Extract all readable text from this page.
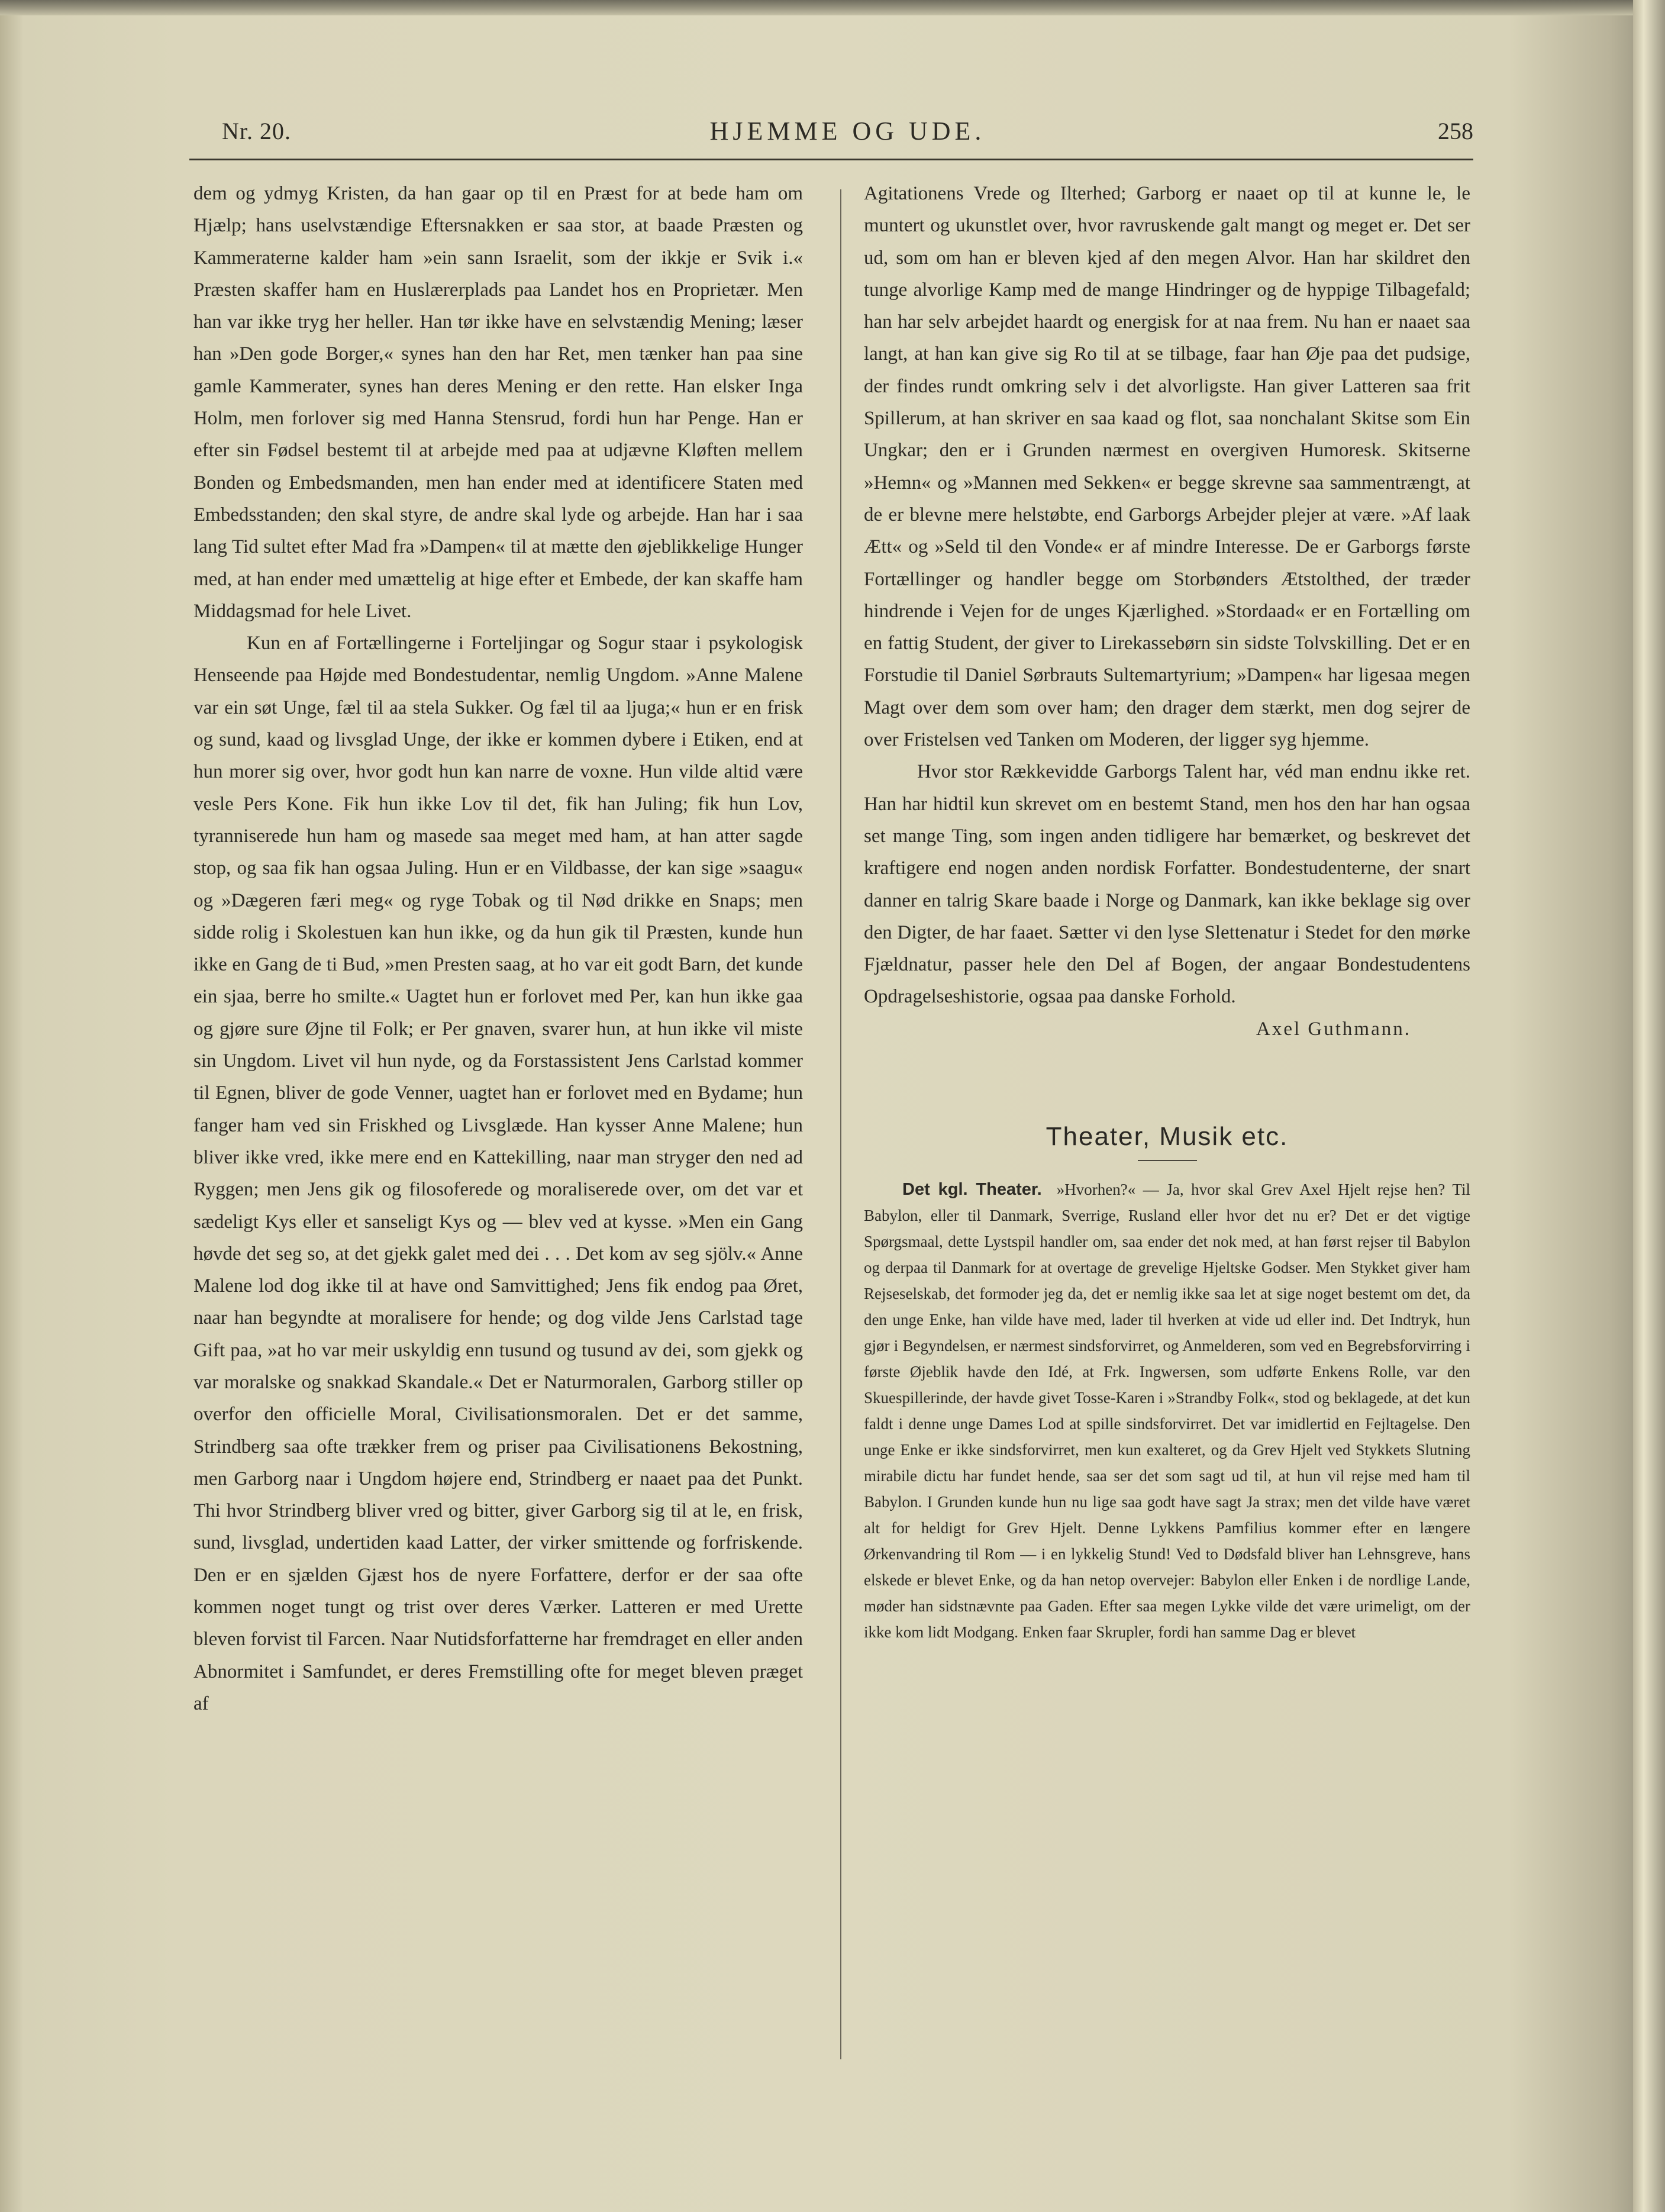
Nr. 20.	HJEMME OG UDE.	258

dem og ydmyg Kristen, da han gaar op til en Præst for at bede ham om Hjælp; hans uselvstændige Eftersnakken er saa stor, at baade Præsten og Kammeraterne kalder ham »ein sann Israelit, som der ikkje er Svik i.« Præsten skaffer ham en Huslærerplads paa Landet hos en Proprietær. Men han var ikke tryg her heller. Han tør ikke have en selvstændig Mening; læser han »Den gode Borger,« synes han den har Ret, men tænker han paa sine gamle Kammerater, synes han deres Mening er den rette. Han elsker Inga Holm, men forlover sig med Hanna Stensrud, fordi hun har Penge. Han er efter sin Fødsel bestemt til at arbejde med paa at udjævne Kløften mellem Bonden og Embedsmanden, men han ender med at identificere Staten med Embedsstanden; den skal styre, de andre skal lyde og arbejde. Han har i saa lang Tid sultet efter Mad fra »Dampen« til at mætte den øjeblikkelige Hunger med, at han ender med umættelig at hige efter et Embede, der kan skaffe ham Middagsmad for hele Livet.

Kun en af Fortællingerne i Forteljingar og Sogur staar i psykologisk Henseende paa Højde med Bondestudentar, nemlig Ungdom. »Anne Malene var ein søt Unge, fæl til aa stela Sukker. Og fæl til aa ljuga;« hun er en frisk og sund, kaad og livsglad Unge, der ikke er kommen dybere i Etiken, end at hun morer sig over, hvor godt hun kan narre de voxne. Hun vilde altid være vesle Pers Kone. Fik hun ikke Lov til det, fik han Juling; fik hun Lov, tyranniserede hun ham og masede saa meget med ham, at han atter sagde stop, og saa fik han ogsaa Juling. Hun er en Vildbasse, der kan sige »saagu« og »Dægeren færi meg« og ryge Tobak og til Nød drikke en Snaps; men sidde rolig i Skolestuen kan hun ikke, og da hun gik til Præsten, kunde hun ikke en Gang de ti Bud, »men Presten saag, at ho var eit godt Barn, det kunde ein sjaa, berre ho smilte.« Uagtet hun er forlovet med Per, kan hun ikke gaa og gjøre sure Øjne til Folk; er Per gnaven, svarer hun, at hun ikke vil miste sin Ungdom. Livet vil hun nyde, og da Forstassistent Jens Carlstad kommer til Egnen, bliver de gode Venner, uagtet han er forlovet med en Bydame; hun fanger ham ved sin Friskhed og Livsglæde. Han kysser Anne Malene; hun bliver ikke vred, ikke mere end en Kattekilling, naar man stryger den ned ad Ryggen; men Jens gik og filosoferede og moraliserede over, om det var et sædeligt Kys eller et sanseligt Kys og — blev ved at kysse. »Men ein Gang høvde det seg so, at det gjekk galet med dei . . . Det kom av seg sjölv.« Anne Malene lod dog ikke til at have ond Samvittighed; Jens fik endog paa Øret, naar han begyndte at moralisere for hende; og dog vilde Jens Carlstad tage Gift paa, »at ho var meir uskyldig enn tusund og tusund av dei, som gjekk og var moralske og snakkad Skandale.« Det er Naturmoralen, Garborg stiller op overfor den officielle Moral, Civilisationsmoralen. Det er det samme, Strindberg saa ofte trækker frem og priser paa Civilisationens Bekostning, men Garborg naar i Ungdom højere end, Strindberg er naaet paa det Punkt. Thi hvor Strindberg bliver vred og bitter, giver Garborg sig til at le, en frisk, sund, livsglad, undertiden kaad Latter, der virker smittende og forfriskende. Den er en sjælden Gjæst hos de nyere Forfattere, derfor er der saa ofte kommen noget tungt og trist over deres Værker. Latteren er med Urette bleven forvist til Farcen. Naar Nutidsforfatterne har fremdraget en eller anden Abnormitet i Samfundet, er deres Fremstilling ofte for meget bleven præget af

Agitationens Vrede og Ilterhed; Garborg er naaet op til at kunne le, le muntert og ukunstlet over, hvor ravruskende galt mangt og meget er. Det ser ud, som om han er bleven kjed af den megen Alvor. Han har skildret den tunge alvorlige Kamp med de mange Hindringer og de hyppige Tilbagefald; han har selv arbejdet haardt og energisk for at naa frem. Nu han er naaet saa langt, at han kan give sig Ro til at se tilbage, faar han Øje paa det pudsige, der findes rundt omkring selv i det alvorligste. Han giver Latteren saa frit Spillerum, at han skriver en saa kaad og flot, saa nonchalant Skitse som Ein Ungkar; den er i Grunden nærmest en overgiven Humoresk. Skitserne »Hemn« og »Mannen med Sekken« er begge skrevne saa sammentrængt, at de er blevne mere helstøbte, end Garborgs Arbejder plejer at være. »Af laak Ætt« og »Seld til den Vonde« er af mindre Interesse. De er Garborgs første Fortællinger og handler begge om Storbønders Ætstolthed, der træder hindrende i Vejen for de unges Kjærlighed. »Stordaad« er en Fortælling om en fattig Student, der giver to Lirekassebørn sin sidste Tolvskilling. Det er en Forstudie til Daniel Sørbrauts Sultemartyrium; »Dampen« har ligesaa megen Magt over dem som over ham; den drager dem stærkt, men dog sejrer de over Fristelsen ved Tanken om Moderen, der ligger syg hjemme.

Hvor stor Rækkevidde Garborgs Talent har, véd man endnu ikke ret. Han har hidtil kun skrevet om en bestemt Stand, men hos den har han ogsaa set mange Ting, som ingen anden tidligere har bemærket, og beskrevet det kraftigere end nogen anden nordisk Forfatter. Bondestudenterne, der snart danner en talrig Skare baade i Norge og Danmark, kan ikke beklage sig over den Digter, de har faaet. Sætter vi den lyse Slettenatur i Stedet for den mørke Fjældnatur, passer hele den Del af Bogen, der angaar Bondestudentens Opdragelseshistorie, ogsaa paa danske Forhold.

Axel Guthmann.
Theater, Musik etc.

Det kgl. Theater. »Hvorhen?« — Ja, hvor skal Grev Axel Hjelt rejse hen? Til Babylon, eller til Danmark, Sverrige, Rusland eller hvor det nu er? Det er det vigtige Spørgsmaal, dette Lystspil handler om, saa ender det nok med, at han først rejser til Babylon og derpaa til Danmark for at overtage de grevelige Hjeltske Godser. Men Stykket giver ham Rejseselskab, det formoder jeg da, det er nemlig ikke saa let at sige noget bestemt om det, da den unge Enke, han vilde have med, lader til hverken at vide ud eller ind. Det Indtryk, hun gjør i Begyndelsen, er nærmest sindsforvirret, og Anmelderen, som ved en Begrebsforvirring i første Øjeblik havde den Idé, at Frk. Ingwersen, som udførte Enkens Rolle, var den Skuespillerinde, der havde givet Tosse-Karen i »Strandby Folk«, stod og beklagede, at det kun faldt i denne unge Dames Lod at spille sindsforvirret. Det var imidlertid en Fejltagelse. Den unge Enke er ikke sindsforvirret, men kun exalteret, og da Grev Hjelt ved Stykkets Slutning mirabile dictu har fundet hende, saa ser det som sagt ud til, at hun vil rejse med ham til Babylon. I Grunden kunde hun nu lige saa godt have sagt Ja strax; men det vilde have været alt for heldigt for Grev Hjelt. Denne Lykkens Pamfilius kommer efter en længere Ørkenvandring til Rom — i en lykkelig Stund! Ved to Dødsfald bliver han Lehnsgreve, hans elskede er blevet Enke, og da han netop overvejer: Babylon eller Enken i de nordlige Lande, møder han sidstnævnte paa Gaden. Efter saa megen Lykke vilde det være urimeligt, om der ikke kom lidt Modgang. Enken faar Skrupler, fordi han samme Dag er blevet
